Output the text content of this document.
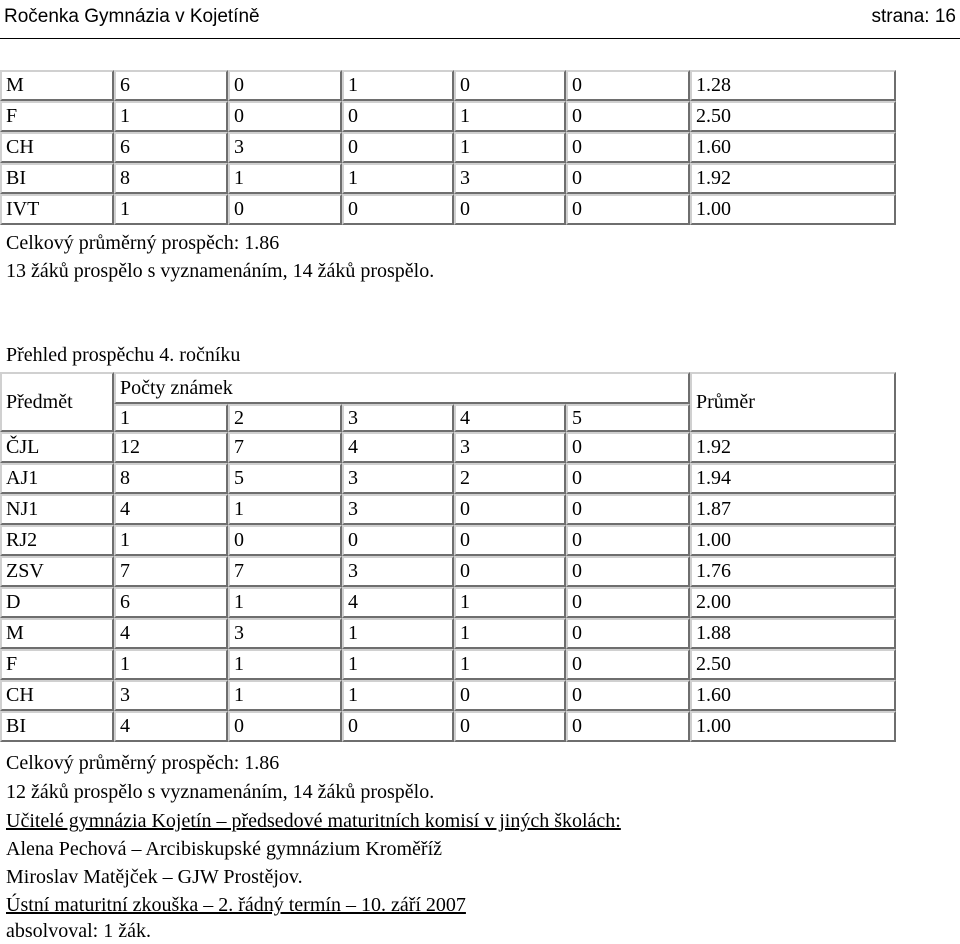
Ročenka Gymnázia v Kojetíně	strana: 16
M	6	0	1	0	0	1.28
F	1	0	0	1	0	2.50
CH	6	3	0	1	0	1.60
BI	8	1	1	3	0	1.92
IVT	1	0	0	0	0	1.00
Celkový průměrný prospěch: 1.86
13 žáků prospělo s vyznamenáním, 14 žáků prospělo.
Přehled prospěchu 4. ročníku
Předmět	Počty známek					Průměr
	1	2	3	4	5	
ČJL	12	7	4	3	0	1.92
AJ1	8	5	3	2	0	1.94
NJ1	4	1	3	0	0	1.87
RJ2	1	0	0	0	0	1.00
ZSV	7	7	3	0	0	1.76
D	6	1	4	1	0	2.00
M	4	3	1	1	0	1.88
F	1	1	1	1	0	2.50
CH	3	1	1	0	0	1.60
BI	4	0	0	0	0	1.00
Celkový průměrný prospěch: 1.86
12 žáků prospělo s vyznamenáním, 14 žáků prospělo.
Učitelé gymnázia Kojetín – předsedové maturitních komisí v jiných školách:
Alena Pechová – Arcibiskupské gymnázium Kroměříž
Miroslav Matějček – GJW Prostějov.
Ústní maturitní zkouška – 2. řádný termín – 10. září 2007
absolvoval: 1 žák.
